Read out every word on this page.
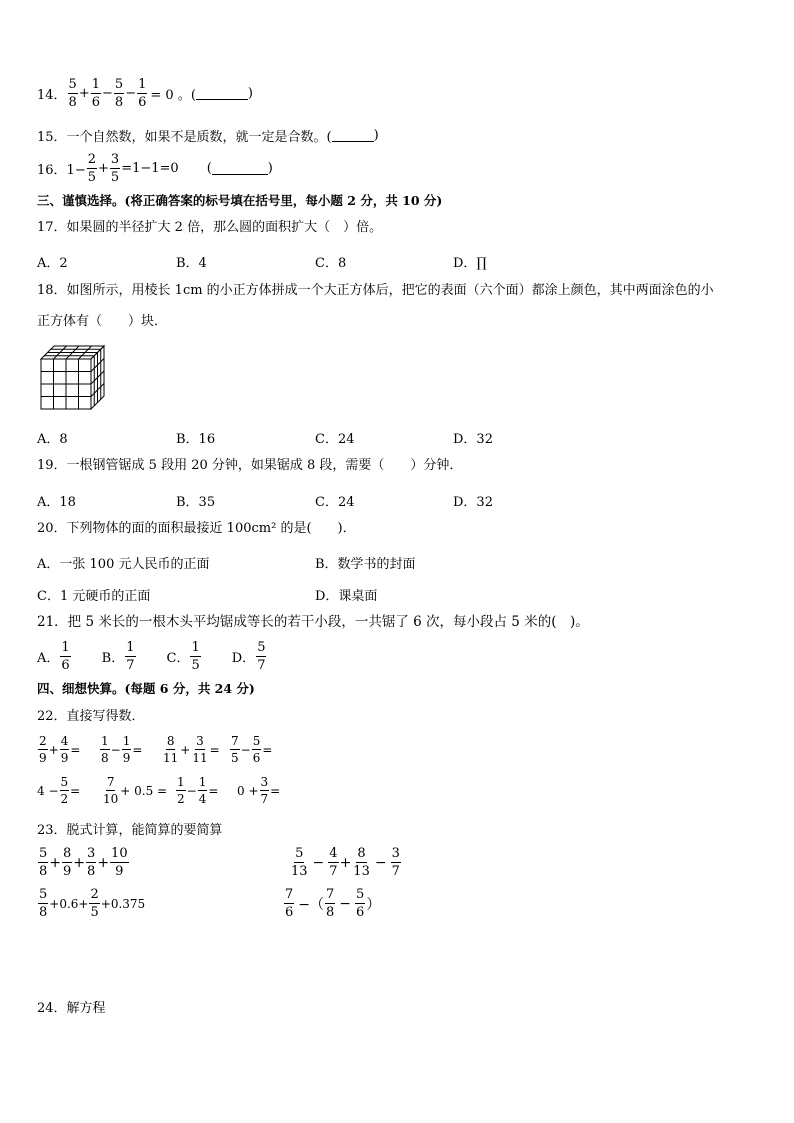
14． $\frac{5}{8} + \frac{1}{6} - \frac{5}{8} - \frac{1}{6} = 0$ 。(	)
15．一个自然数，如果不是质数，就一定是合数。(	)
16．$1- \frac{2}{5} + \frac{3}{5} =1-1=0$ (	)
三、谨慎选择。(将正确答案的标号填在括号里，每小题 2 分，共 10 分)
17．如果圆的半径扩大 2 倍，那么圆的面积扩大（　）倍。
A．2	B．4	C．8	D．∏
18．如图所示，用棱长 1cm 的小正方体拼成一个大正方体后，把它的表面（六个面）都涂上颜色，其中两面涂色的小
正方体有（　　）块．
A．8	B．16	C．24	D．32
19．一根钢管锯成 5 段用 20 分钟，如果锯成 8 段，需要（　　）分钟．
A．18	B．35	C．24	D．32
20．下列物体的面的面积最接近 100cm² 的是(　　)．
A．一张 100 元人民币的正面	B．数学书的封面
C．1 元硬币的正面	D．课桌面
21．把 5 米长的一根木头平均锯成等长的若干小段，一共锯了 6 次，每小段占 5 米的(　)。
A． $\frac{1}{6}$ B． $\frac{1}{7}$ C． $\frac{1}{5}$ D． $\frac{5}{7}$
四、细想快算。(每题 6 分，共 24 分)
22．直接写得数．
$\frac{2}{9} + \frac{4}{9} = \frac{1}{8} - \frac{1}{9} = \frac{8}{11} + \frac{3}{11} = \frac{7}{5} - \frac{5}{6}$ =
$4 - \frac{5}{2} = \frac{7}{10} + 0.5 = \frac{1}{2} - \frac{1}{4} = 0 + \frac{3}{7}$ =
23．脱式计算，能简算的要简算
$\frac{5}{8} + \frac{8}{9} + \frac{3}{8} + \frac{10}{9}$	$\frac{5}{13} - \frac{4}{7} + \frac{8}{13} - \frac{3}{7}$
$\frac{5}{8} +0.6+ \frac{2}{5} +0.375$	$\frac{7}{6}$ −（ $\frac{7}{8} - \frac{5}{6}$ ）
24．解方程
